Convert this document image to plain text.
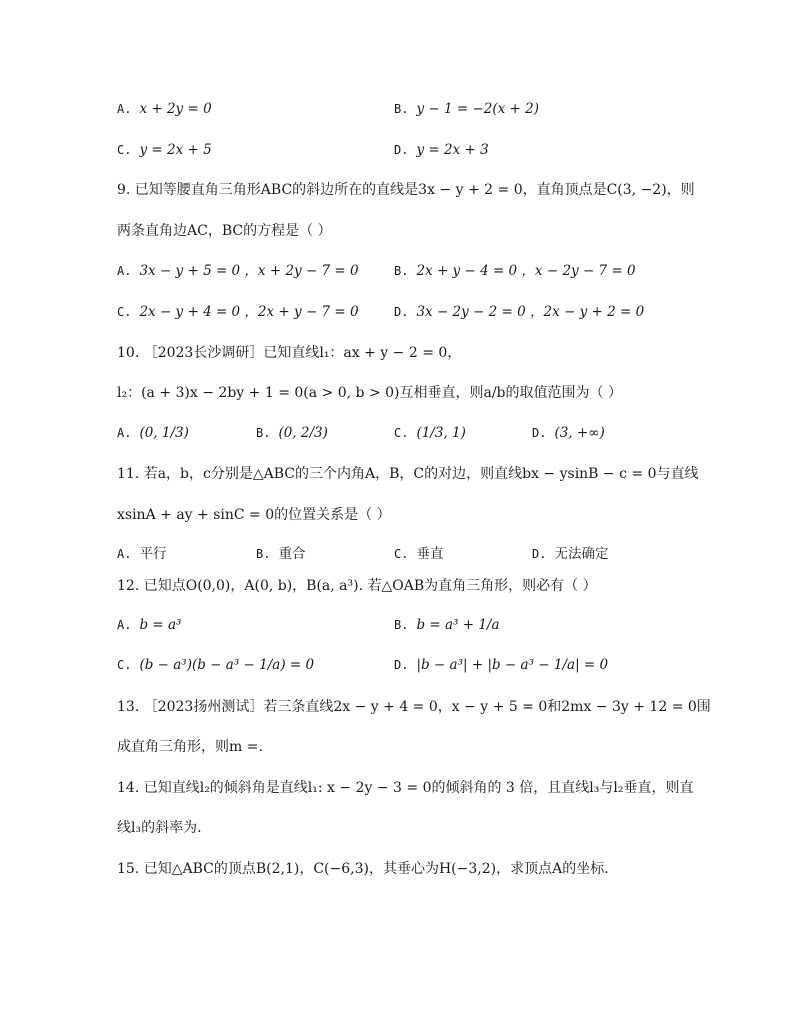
A. x + 2y = 0	B. y − 1 = −2(x + 2)
C. y = 2x + 5	D. y = 2x + 3
9. 已知等腰直角三角形ABC的斜边所在的直线是3x − y + 2 = 0，直角顶点是C(3, −2)，则
两条直角边AC，BC的方程是（ ）
A. 3x − y + 5 = 0 ，x + 2y − 7 = 0	B. 2x + y − 4 = 0 ，x − 2y − 7 = 0
C. 2x − y + 4 = 0 ，2x + y − 7 = 0	D. 3x − 2y − 2 = 0 ，2x − y + 2 = 0
10. ［2023长沙调研］已知直线l₁：ax + y − 2 = 0，
l₂：(a + 3)x − 2by + 1 = 0(a > 0, b > 0)互相垂直，则a/b的取值范围为（ ）
A. (0, 1/3)	B. (0, 2/3)	C. (1/3, 1)	D. (3, +∞)
11. 若a，b，c分别是△ABC的三个内角A，B，C的对边，则直线bx − ysinB − c = 0与直线
xsinA + ay + sinC = 0的位置关系是（ ）
A. 平行	B. 重合	C. 垂直	D. 无法确定
12. 已知点O(0,0)，A(0, b)，B(a, a³). 若△OAB为直角三角形，则必有（ ）
A. b = a³	B. b = a³ + 1/a
C. (b − a³)(b − a³ − 1/a) = 0	D. |b − a³| + |b − a³ − 1/a| = 0
13. ［2023扬州测试］若三条直线2x − y + 4 = 0，x − y + 5 = 0和2mx − 3y + 12 = 0围
成直角三角形，则m =.
14. 已知直线l₂的倾斜角是直线l₁: x − 2y − 3 = 0的倾斜角的 3 倍，且直线l₃与l₂垂直，则直
线l₃的斜率为.
15. 已知△ABC的顶点B(2,1)，C(−6,3)，其垂心为H(−3,2)，求顶点A的坐标.
